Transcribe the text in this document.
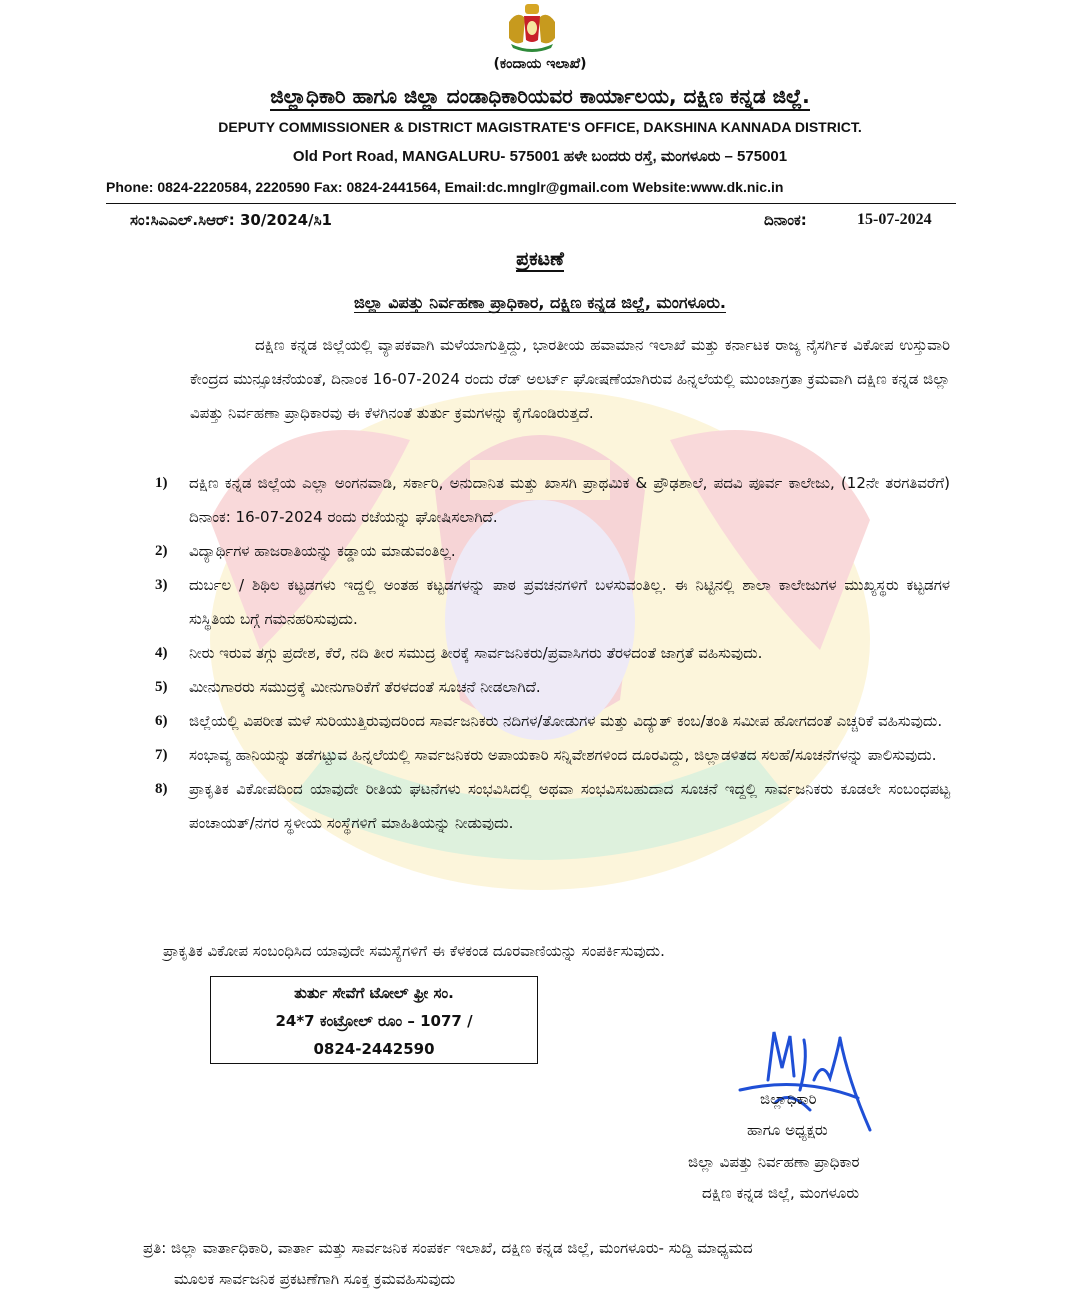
(ಕಂದಾಯ ಇಲಾಖೆ)
ಜಿಲ್ಲಾಧಿಕಾರಿ ಹಾಗೂ ಜಿಲ್ಲಾ ದಂಡಾಧಿಕಾರಿಯವರ ಕಾರ್ಯಾಲಯ, ದಕ್ಷಿಣ ಕನ್ನಡ ಜಿಲ್ಲೆ.
DEPUTY COMMISSIONER & DISTRICT MAGISTRATE'S OFFICE, DAKSHINA KANNADA DISTRICT.
Old Port Road, MANGALURU- 575001 ಹಳೇ ಬಂದರು ರಸ್ತೆ, ಮಂಗಳೂರು – 575001
Phone: 0824-2220584, 2220590 Fax: 0824-2441564, Email:dc.mnglr@gmail.com Website:www.dk.nic.in
ಸಂ:ಸಿಎಎಲ್.ಸಿಆರ್: 30/2024/ಸಿ1	ದಿನಾಂಕ:	15-07-2024
ಪ್ರಕಟಣೆ
ಜಿಲ್ಲಾ ವಿಪತ್ತು ನಿರ್ವಹಣಾ ಪ್ರಾಧಿಕಾರ, ದಕ್ಷಿಣ ಕನ್ನಡ ಜಿಲ್ಲೆ, ಮಂಗಳೂರು.
ದಕ್ಷಿಣ ಕನ್ನಡ ಜಿಲ್ಲೆಯಲ್ಲಿ ವ್ಯಾಪಕವಾಗಿ ಮಳೆಯಾಗುತ್ತಿದ್ದು, ಭಾರತೀಯ ಹವಾಮಾನ ಇಲಾಖೆ ಮತ್ತು ಕರ್ನಾಟಕ ರಾಜ್ಯ ನೈಸರ್ಗಿಕ ವಿಕೋಪ ಉಸ್ತುವಾರಿ ಕೇಂದ್ರದ ಮುನ್ಸೂಚನೆಯಂತೆ, ದಿನಾಂಕ 16-07-2024 ರಂದು ರೆಡ್ ಅಲರ್ಟ್ ಘೋಷಣೆಯಾಗಿರುವ ಹಿನ್ನಲೆಯಲ್ಲಿ ಮುಂಜಾಗ್ರತಾ ಕ್ರಮವಾಗಿ ದಕ್ಷಿಣ ಕನ್ನಡ ಜಿಲ್ಲಾ ವಿಪತ್ತು ನಿರ್ವಹಣಾ ಪ್ರಾಧಿಕಾರವು ಈ ಕೆಳಗಿನಂತೆ ತುರ್ತು ಕ್ರಮಗಳನ್ನು ಕೈಗೊಂಡಿರುತ್ತದೆ.
1)	ದಕ್ಷಿಣ ಕನ್ನಡ ಜಿಲ್ಲೆಯ ಎಲ್ಲಾ ಅಂಗನವಾಡಿ, ಸರ್ಕಾರಿ, ಅನುದಾನಿತ ಮತ್ತು ಖಾಸಗಿ ಪ್ರಾಥಮಿಕ & ಪ್ರೌಢಶಾಲೆ, ಪದವಿ ಪೂರ್ವ ಕಾಲೇಜು, (12ನೇ ತರಗತಿವರೆಗೆ) ದಿನಾಂಕ: 16-07-2024 ರಂದು ರಜೆಯನ್ನು ಘೋಷಿಸಲಾಗಿದೆ.
2)	ವಿದ್ಯಾರ್ಥಿಗಳ ಹಾಜರಾತಿಯನ್ನು ಕಡ್ಡಾಯ ಮಾಡುವಂತಿಲ್ಲ.
3)	ದುರ್ಬಲ / ಶಿಥಿಲ ಕಟ್ಟಡಗಳು ಇದ್ದಲ್ಲಿ ಅಂತಹ ಕಟ್ಟಡಗಳನ್ನು ಪಾಠ ಪ್ರವಚನಗಳಿಗೆ ಬಳಸುವಂತಿಲ್ಲ. ಈ ನಿಟ್ಟಿನಲ್ಲಿ ಶಾಲಾ ಕಾಲೇಜುಗಳ ಮುಖ್ಯಸ್ಥರು ಕಟ್ಟಡಗಳ ಸುಸ್ಥಿತಿಯ ಬಗ್ಗೆ ಗಮನಹರಿಸುವುದು.
4)	ನೀರು ಇರುವ ತಗ್ಗು ಪ್ರದೇಶ, ಕೆರೆ, ನದಿ ತೀರ ಸಮುದ್ರ ತೀರಕ್ಕೆ ಸಾರ್ವಜನಿಕರು/ಪ್ರವಾಸಿಗರು ತೆರಳದಂತೆ ಜಾಗ್ರತೆ ವಹಿಸುವುದು.
5)	ಮೀನುಗಾರರು ಸಮುದ್ರಕ್ಕೆ ಮೀನುಗಾರಿಕೆಗೆ ತೆರಳದಂತೆ ಸೂಚನೆ ನೀಡಲಾಗಿದೆ.
6)	ಜಿಲ್ಲೆಯಲ್ಲಿ ವಿಪರೀತ ಮಳೆ ಸುರಿಯುತ್ತಿರುವುದರಿಂದ ಸಾರ್ವಜನಿಕರು ನದಿಗಳ/ತೋಡುಗಳ ಮತ್ತು ವಿದ್ಯುತ್ ಕಂಬ/ತಂತಿ ಸಮೀಪ ಹೋಗದಂತೆ ಎಚ್ಚರಿಕೆ ವಹಿಸುವುದು.
7)	ಸಂಭಾವ್ಯ ಹಾನಿಯನ್ನು ತಡೆಗಟ್ಟುವ ಹಿನ್ನಲೆಯಲ್ಲಿ ಸಾರ್ವಜನಿಕರು ಅಪಾಯಕಾರಿ ಸನ್ನಿವೇಶಗಳಿಂದ ದೂರವಿದ್ದು, ಜಿಲ್ಲಾಡಳಿತದ ಸಲಹೆ/ಸೂಚನೆಗಳನ್ನು ಪಾಲಿಸುವುದು.
8)	ಪ್ರಾಕೃತಿಕ ವಿಕೋಪದಿಂದ ಯಾವುದೇ ರೀತಿಯ ಘಟನೆಗಳು ಸಂಭವಿಸಿದಲ್ಲಿ ಅಥವಾ ಸಂಭವಿಸಬಹುದಾದ ಸೂಚನೆ ಇದ್ದಲ್ಲಿ ಸಾರ್ವಜನಿಕರು ಕೂಡಲೇ ಸಂಬಂಧಪಟ್ಟ ಪಂಚಾಯತ್/ನಗರ ಸ್ಥಳೀಯ ಸಂಸ್ಥೆಗಳಿಗೆ ಮಾಹಿತಿಯನ್ನು ನೀಡುವುದು.
ಪ್ರಾಕೃತಿಕ ವಿಕೋಪ ಸಂಬಂಧಿಸಿದ ಯಾವುದೇ ಸಮಸ್ಯೆಗಳಿಗೆ ಈ ಕೆಳಕಂಡ ದೂರವಾಣಿಯನ್ನು ಸಂಪರ್ಕಿಸುವುದು.
ತುರ್ತು ಸೇವೆಗೆ ಟೋಲ್ ಫ್ರೀ ಸಂ.
24*7 ಕಂಟ್ರೋಲ್ ರೂಂ – 1077 /
0824-2442590
ಜಿಲ್ಲಾಧಿಕಾರಿ
ಹಾಗೂ ಅಧ್ಯಕ್ಷರು
ಜಿಲ್ಲಾ ವಿಪತ್ತು ನಿರ್ವಹಣಾ ಪ್ರಾಧಿಕಾರ
ದಕ್ಷಿಣ ಕನ್ನಡ ಜಿಲ್ಲೆ, ಮಂಗಳೂರು
ಪ್ರತಿ: ಜಿಲ್ಲಾ ವಾರ್ತಾಧಿಕಾರಿ, ವಾರ್ತಾ ಮತ್ತು ಸಾರ್ವಜನಿಕ ಸಂಪರ್ಕ ಇಲಾಖೆ, ದಕ್ಷಿಣ ಕನ್ನಡ ಜಿಲ್ಲೆ, ಮಂಗಳೂರು- ಸುದ್ದಿ ಮಾಧ್ಯಮದ
ಮೂಲಕ ಸಾರ್ವಜನಿಕ ಪ್ರಕಟಣೆಗಾಗಿ ಸೂಕ್ತ ಕ್ರಮವಹಿಸುವುದು
